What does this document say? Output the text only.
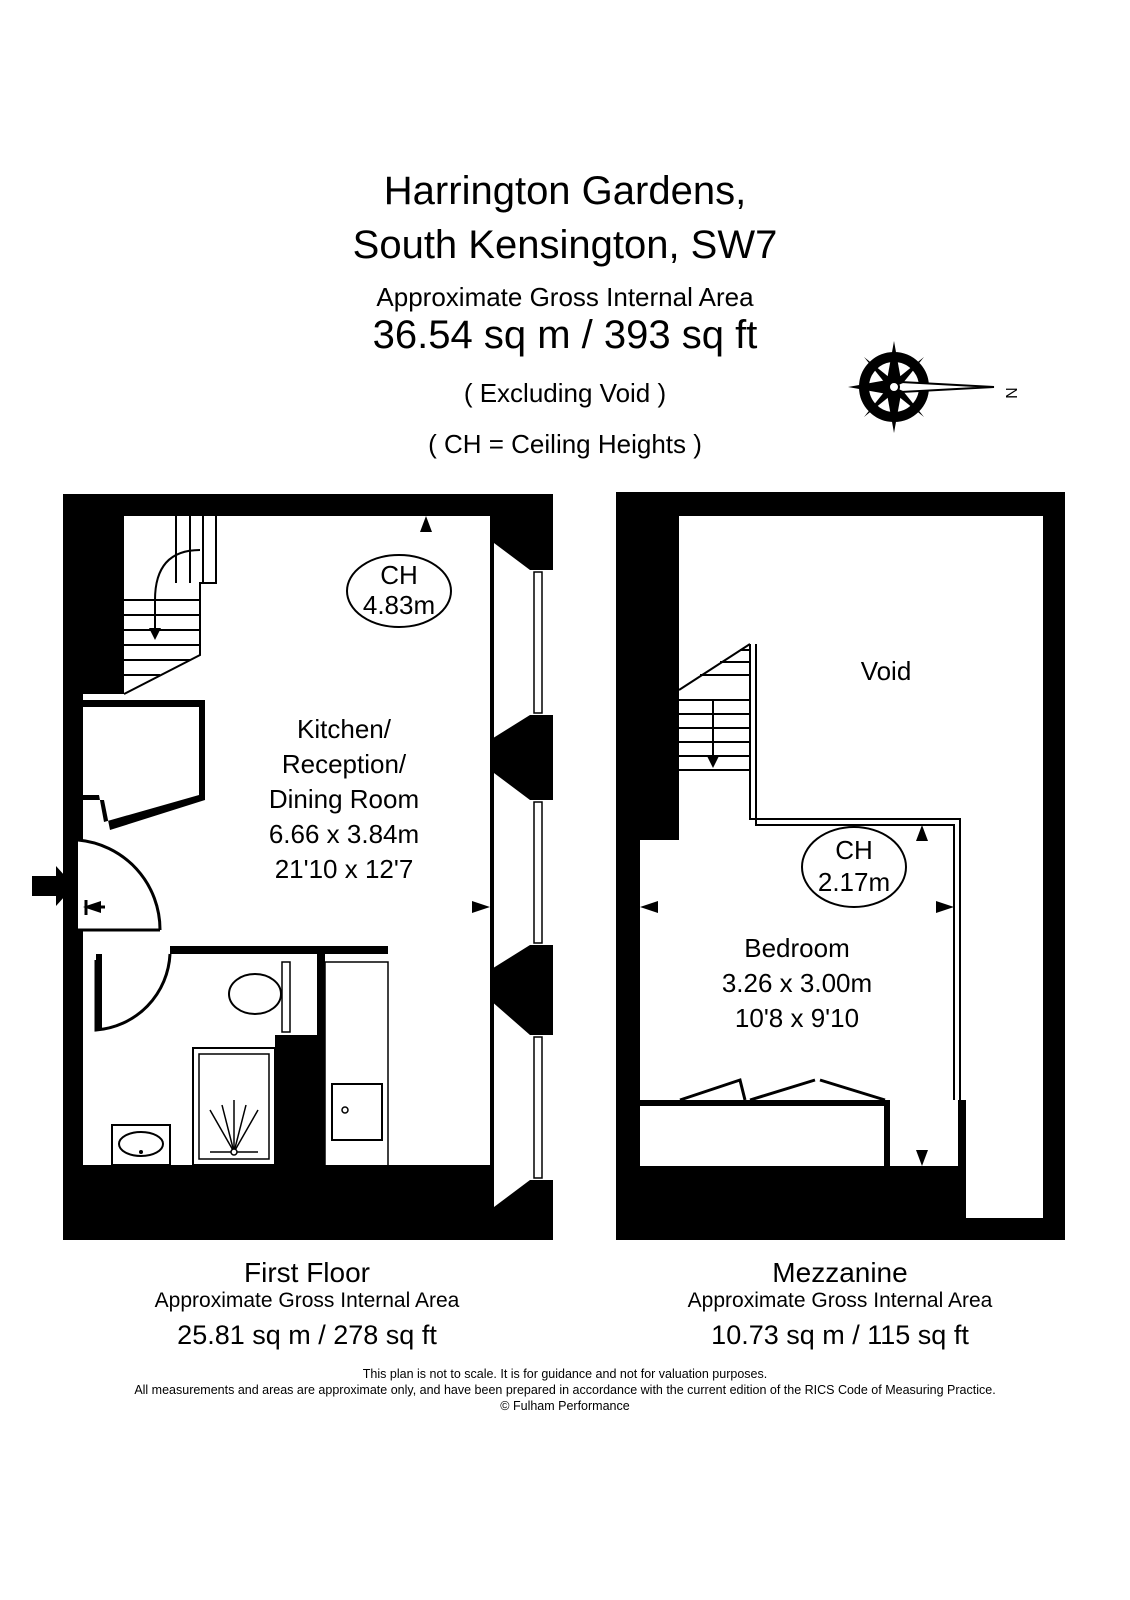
Harrington Gardens,
South Kensington, SW7
Approximate Gross Internal Area
36.54 sq m / 393 sq ft
( Excluding Void )
( CH = Ceiling Heights )
N
CH
4.83m
Kitchen/
Reception/
Dining Room
6.66 x 3.84m
21'10 x 12'7
CH
2.17m
Void
Bedroom
3.26 x 3.00m
10'8 x 9'10
First Floor
Approximate Gross Internal Area
25.81 sq m / 278 sq ft
Mezzanine
Approximate Gross Internal Area
10.73 sq m / 115 sq ft
This plan is not to scale. It is for guidance and not for valuation purposes.
All measurements and areas are approximate only, and have been prepared in accordance with the current edition of the RICS Code of Measuring Practice.
© Fulham Performance
